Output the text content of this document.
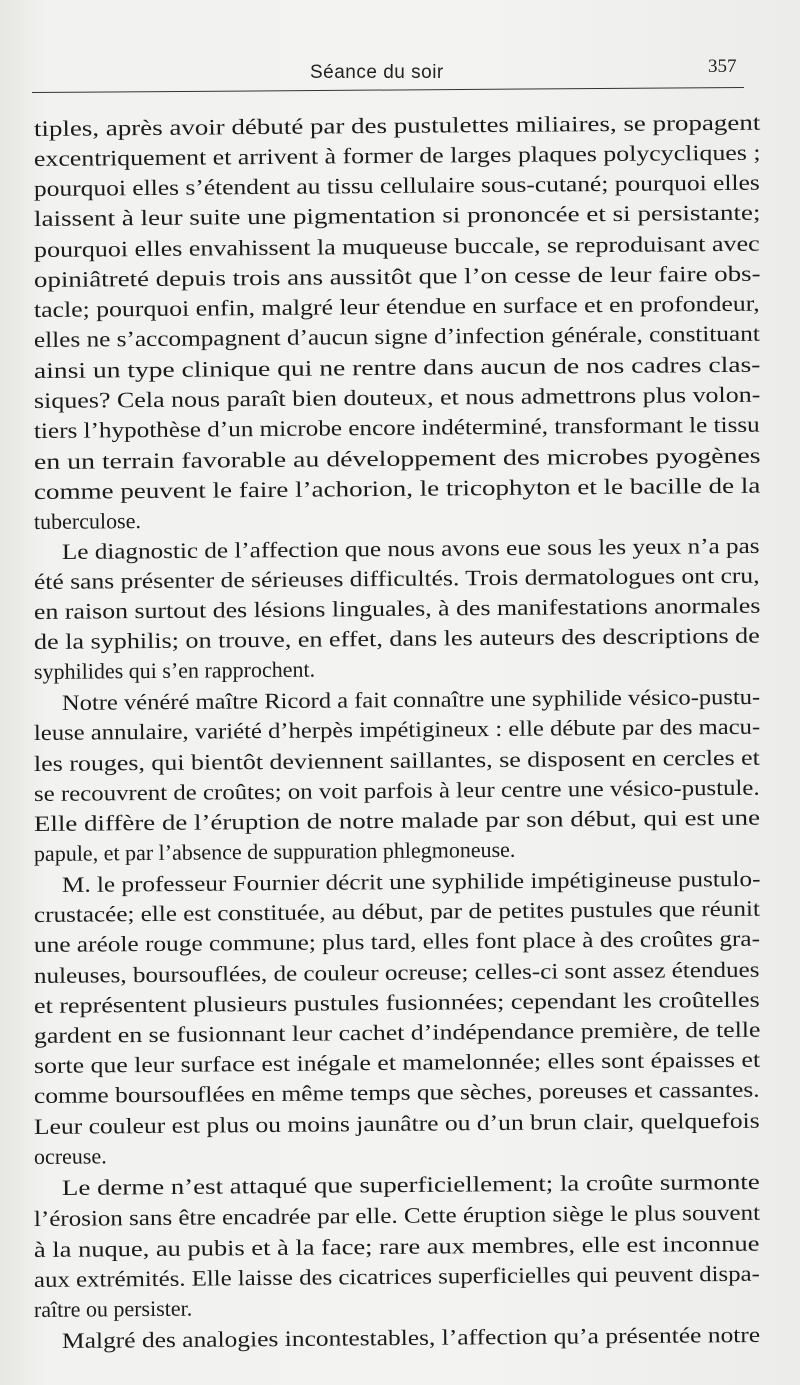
Séance du soir	357
tiples, après avoir débuté par des pustulettes miliaires, se propagent
excentriquement et arrivent à former de larges plaques polycycliques ;
pourquoi elles s’étendent au tissu cellulaire sous-cutané; pourquoi elles
laissent à leur suite une pigmentation si prononcée et si persistante;
pourquoi elles envahissent la muqueuse buccale, se reproduisant avec
opiniâtreté depuis trois ans aussitôt que l’on cesse de leur faire obs-
tacle; pourquoi enfin, malgré leur étendue en surface et en profondeur,
elles ne s’accompagnent d’aucun signe d’infection générale, constituant
ainsi un type clinique qui ne rentre dans aucun de nos cadres clas-
siques? Cela nous paraît bien douteux, et nous admettrons plus volon-
tiers l’hypothèse d’un microbe encore indéterminé, transformant le tissu
en un terrain favorable au développement des microbes pyogènes
comme peuvent le faire l’achorion, le tricophyton et le bacille de la
tuberculose.
Le diagnostic de l’affection que nous avons eue sous les yeux n’a pas
été sans présenter de sérieuses difficultés. Trois dermatologues ont cru,
en raison surtout des lésions linguales, à des manifestations anormales
de la syphilis; on trouve, en effet, dans les auteurs des descriptions de
syphilides qui s’en rapprochent.
Notre vénéré maître Ricord a fait connaître une syphilide vésico-pustu-
leuse annulaire, variété d’herpès impétigineux : elle débute par des macu-
les rouges, qui bientôt deviennent saillantes, se disposent en cercles et
se recouvrent de croûtes; on voit parfois à leur centre une vésico-pustule.
Elle diffère de l’éruption de notre malade par son début, qui est une
papule, et par l’absence de suppuration phlegmoneuse.
M. le professeur Fournier décrit une syphilide impétigineuse pustulo-
crustacée; elle est constituée, au début, par de petites pustules que réunit
une aréole rouge commune; plus tard, elles font place à des croûtes gra-
nuleuses, boursouflées, de couleur ocreuse; celles-ci sont assez étendues
et représentent plusieurs pustules fusionnées; cependant les croûtelles
gardent en se fusionnant leur cachet d’indépendance première, de telle
sorte que leur surface est inégale et mamelonnée; elles sont épaisses et
comme boursouflées en même temps que sèches, poreuses et cassantes.
Leur couleur est plus ou moins jaunâtre ou d’un brun clair, quelquefois
ocreuse.
Le derme n’est attaqué que superficiellement; la croûte surmonte
l’érosion sans être encadrée par elle. Cette éruption siège le plus souvent
à la nuque, au pubis et à la face; rare aux membres, elle est inconnue
aux extrémités. Elle laisse des cicatrices superficielles qui peuvent dispa-
raître ou persister.
Malgré des analogies incontestables, l’affection qu’a présentée notre
